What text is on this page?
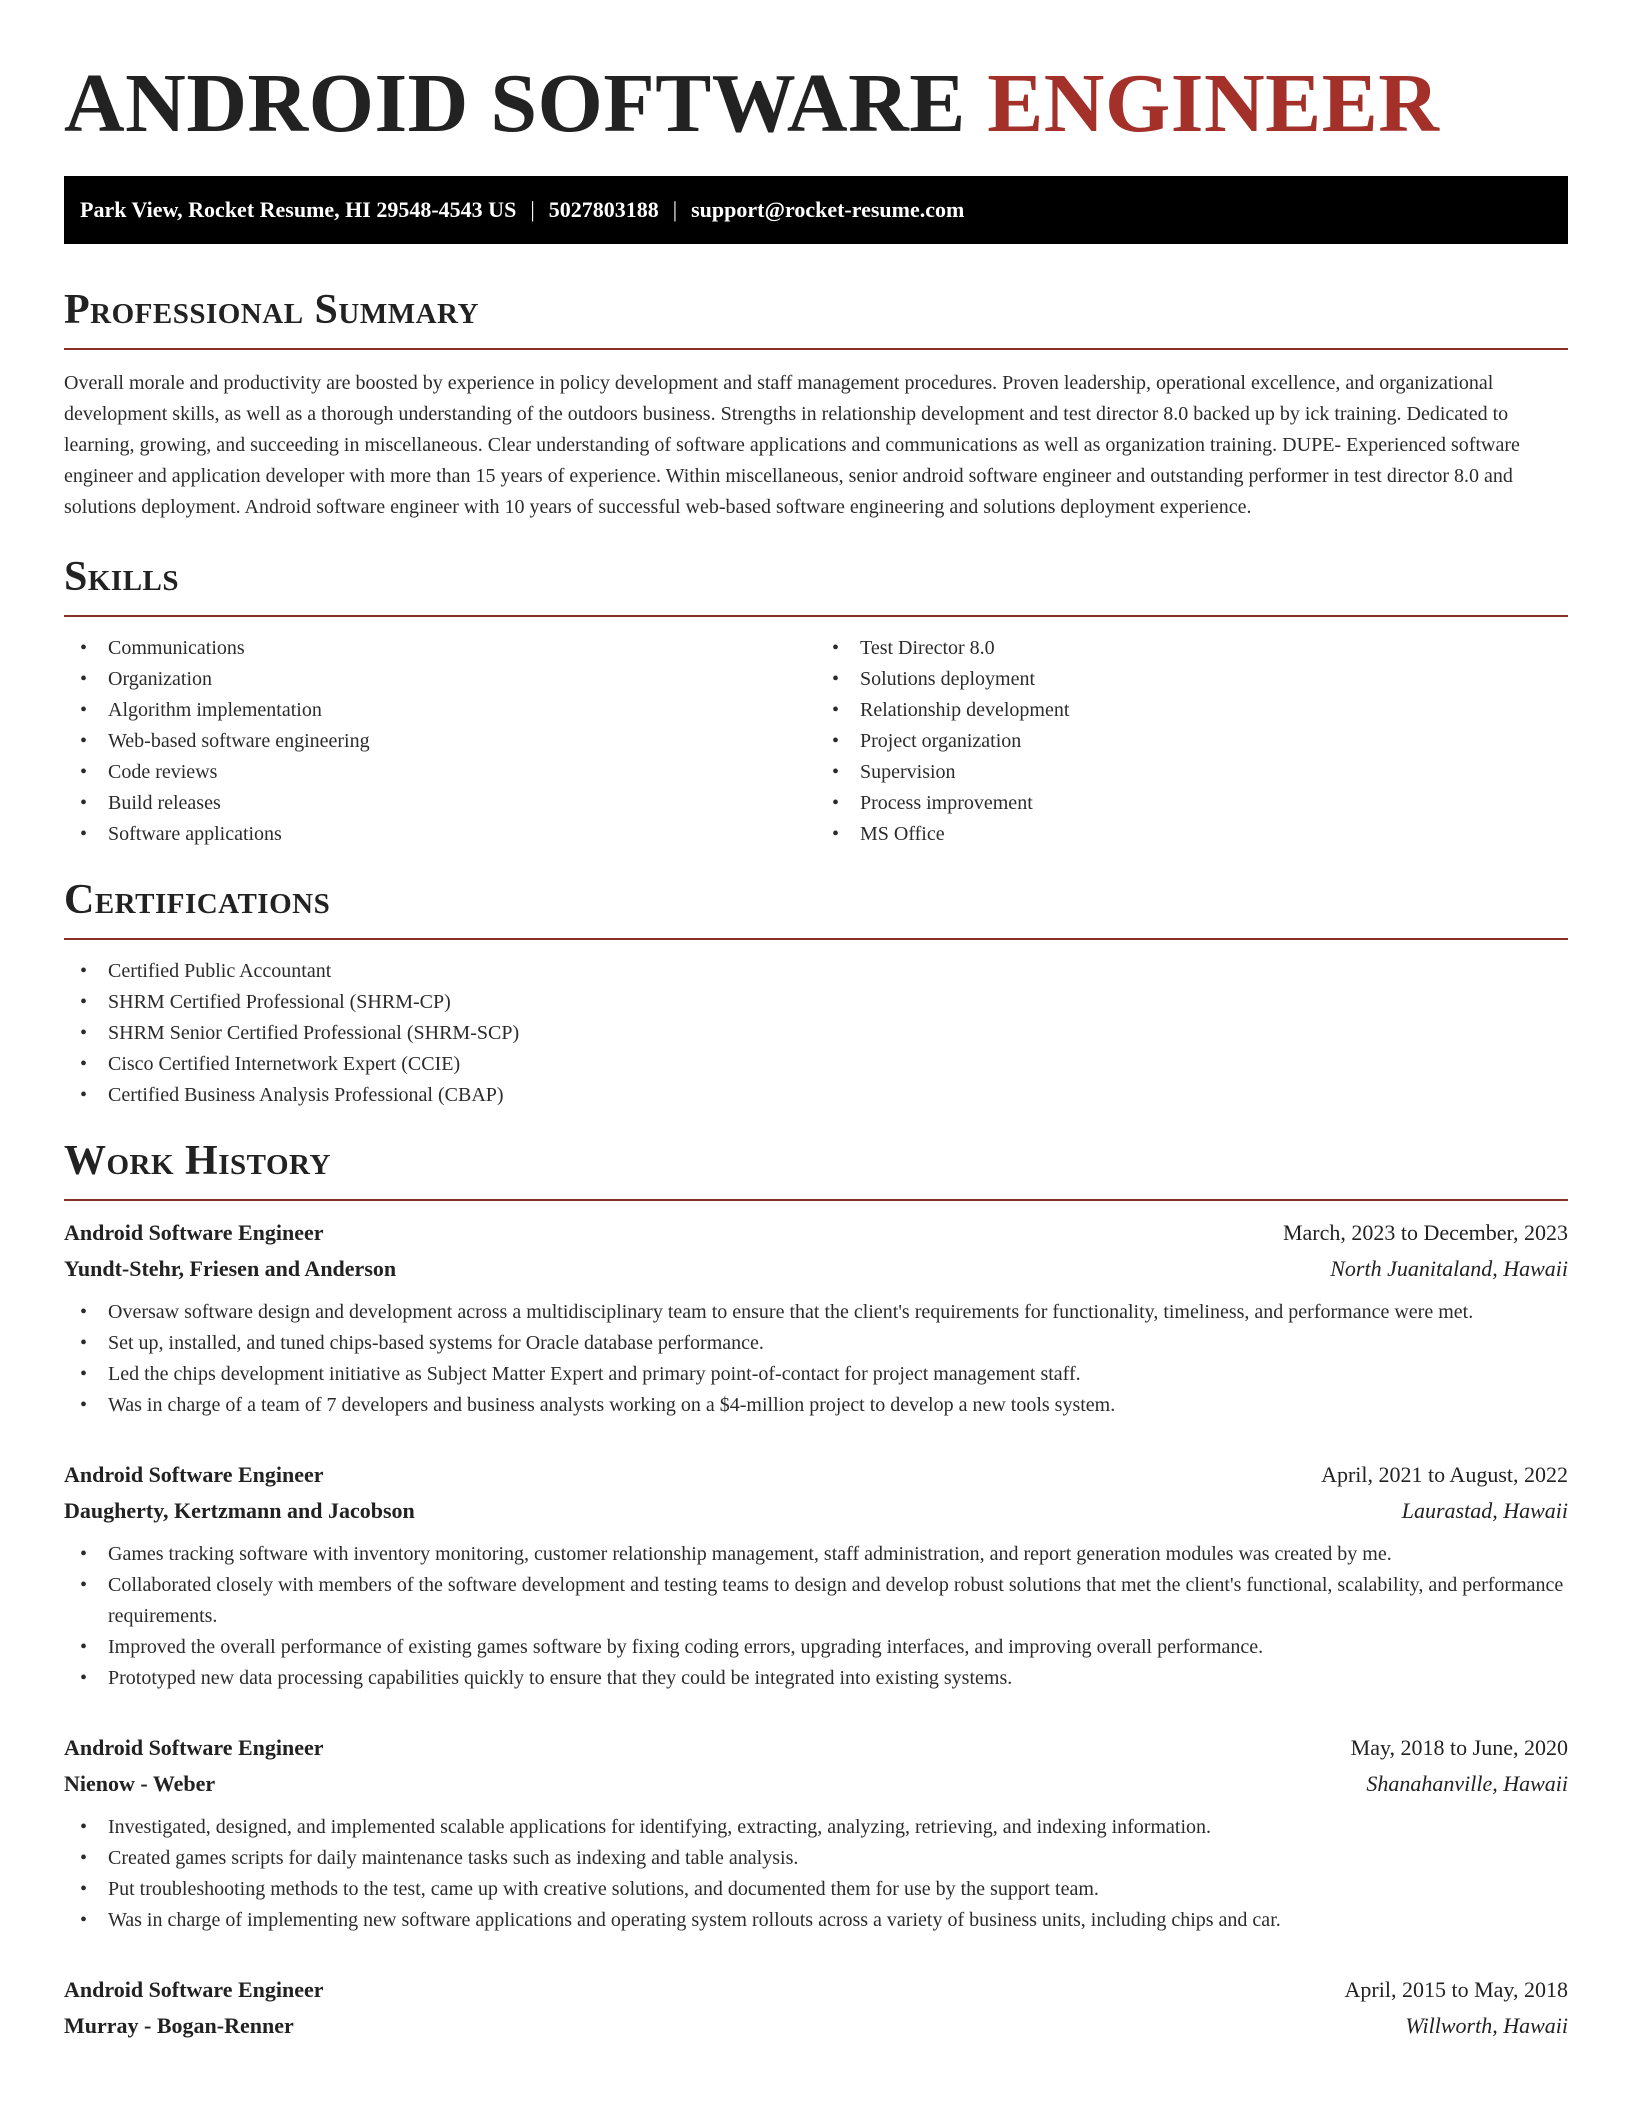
ANDROID SOFTWARE ENGINEER
Park View, Rocket Resume, HI 29548-4543 US | 5027803188 | support@rocket-resume.com
Professional Summary

Overall morale and productivity are boosted by experience in policy development and staff management procedures. Proven leadership, operational excellence, and organizational development skills, as well as a thorough understanding of the outdoors business. Strengths in relationship development and test director 8.0 backed up by ick training. Dedicated to learning, growing, and succeeding in miscellaneous. Clear understanding of software applications and communications as well as organization training. DUPE- Experienced software engineer and application developer with more than 15 years of experience. Within miscellaneous, senior android software engineer and outstanding performer in test director 8.0 and solutions deployment. Android software engineer with 10 years of successful web-based software engineering and solutions deployment experience.

Skills
• Communications
• Organization
• Algorithm implementation
• Web-based software engineering
• Code reviews
• Build releases
• Software applications
• Test Director 8.0
• Solutions deployment
• Relationship development
• Project organization
• Supervision
• Process improvement
• MS Office
Certifications
• Certified Public Accountant
• SHRM Certified Professional (SHRM-CP)
• SHRM Senior Certified Professional (SHRM-SCP)
• Cisco Certified Internetwork Expert (CCIE)
• Certified Business Analysis Professional (CBAP)
Work History
Android Software Engineer	March, 2023 to December, 2023
Yundt-Stehr, Friesen and Anderson	North Juanitaland, Hawaii
• Oversaw software design and development across a multidisciplinary team to ensure that the client's requirements for functionality, timeliness, and performance were met.
• Set up, installed, and tuned chips-based systems for Oracle database performance.
• Led the chips development initiative as Subject Matter Expert and primary point-of-contact for project management staff.
• Was in charge of a team of 7 developers and business analysts working on a $4-million project to develop a new tools system.
Android Software Engineer	April, 2021 to August, 2022
Daugherty, Kertzmann and Jacobson	Laurastad, Hawaii
• Games tracking software with inventory monitoring, customer relationship management, staff administration, and report generation modules was created by me.
• Collaborated closely with members of the software development and testing teams to design and develop robust solutions that met the client's functional, scalability, and performance requirements.
• Improved the overall performance of existing games software by fixing coding errors, upgrading interfaces, and improving overall performance.
• Prototyped new data processing capabilities quickly to ensure that they could be integrated into existing systems.
Android Software Engineer	May, 2018 to June, 2020
Nienow - Weber	Shanahanville, Hawaii
• Investigated, designed, and implemented scalable applications for identifying, extracting, analyzing, retrieving, and indexing information.
• Created games scripts for daily maintenance tasks such as indexing and table analysis.
• Put troubleshooting methods to the test, came up with creative solutions, and documented them for use by the support team.
• Was in charge of implementing new software applications and operating system rollouts across a variety of business units, including chips and car.
Android Software Engineer	April, 2015 to May, 2018
Murray - Bogan-Renner	Willworth, Hawaii
